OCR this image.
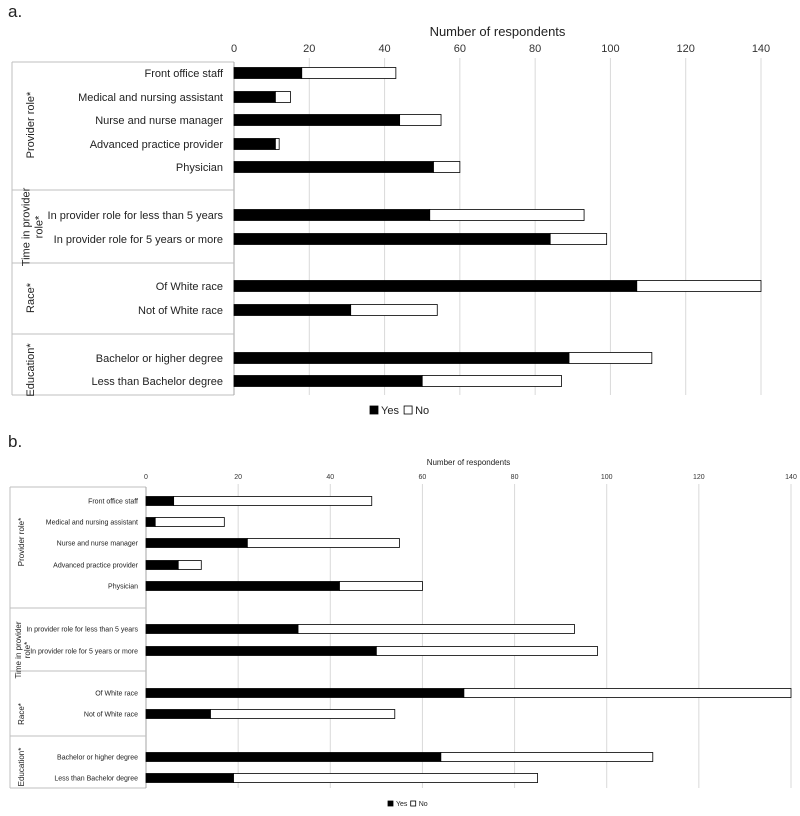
a.
Number of respondents
0	20	40	60	80	100	120	140
Provider role*
Time in providerrole*
Race*
Education*
Front office staff
Medical and nursing assistant
Nurse and nurse manager
Advanced practice provider
Physician
In provider role for less than 5 years
In provider role for 5 years or more
Of White race
Not of White race
Bachelor or higher degree
Less than Bachelor degree
Yes No
b.
Number of respondents
0	20	40	60	80	100	120	140
Provider role*
Time in providerrole*
Race*
Education*
Front office staff
Medical and nursing assistant
Nurse and nurse manager
Advanced practice provider
Physician
In provider role for less than 5 years
In provider role for 5 years or more
Of White race
Not of White race
Bachelor or higher degree
Less than Bachelor degree
Yes No
